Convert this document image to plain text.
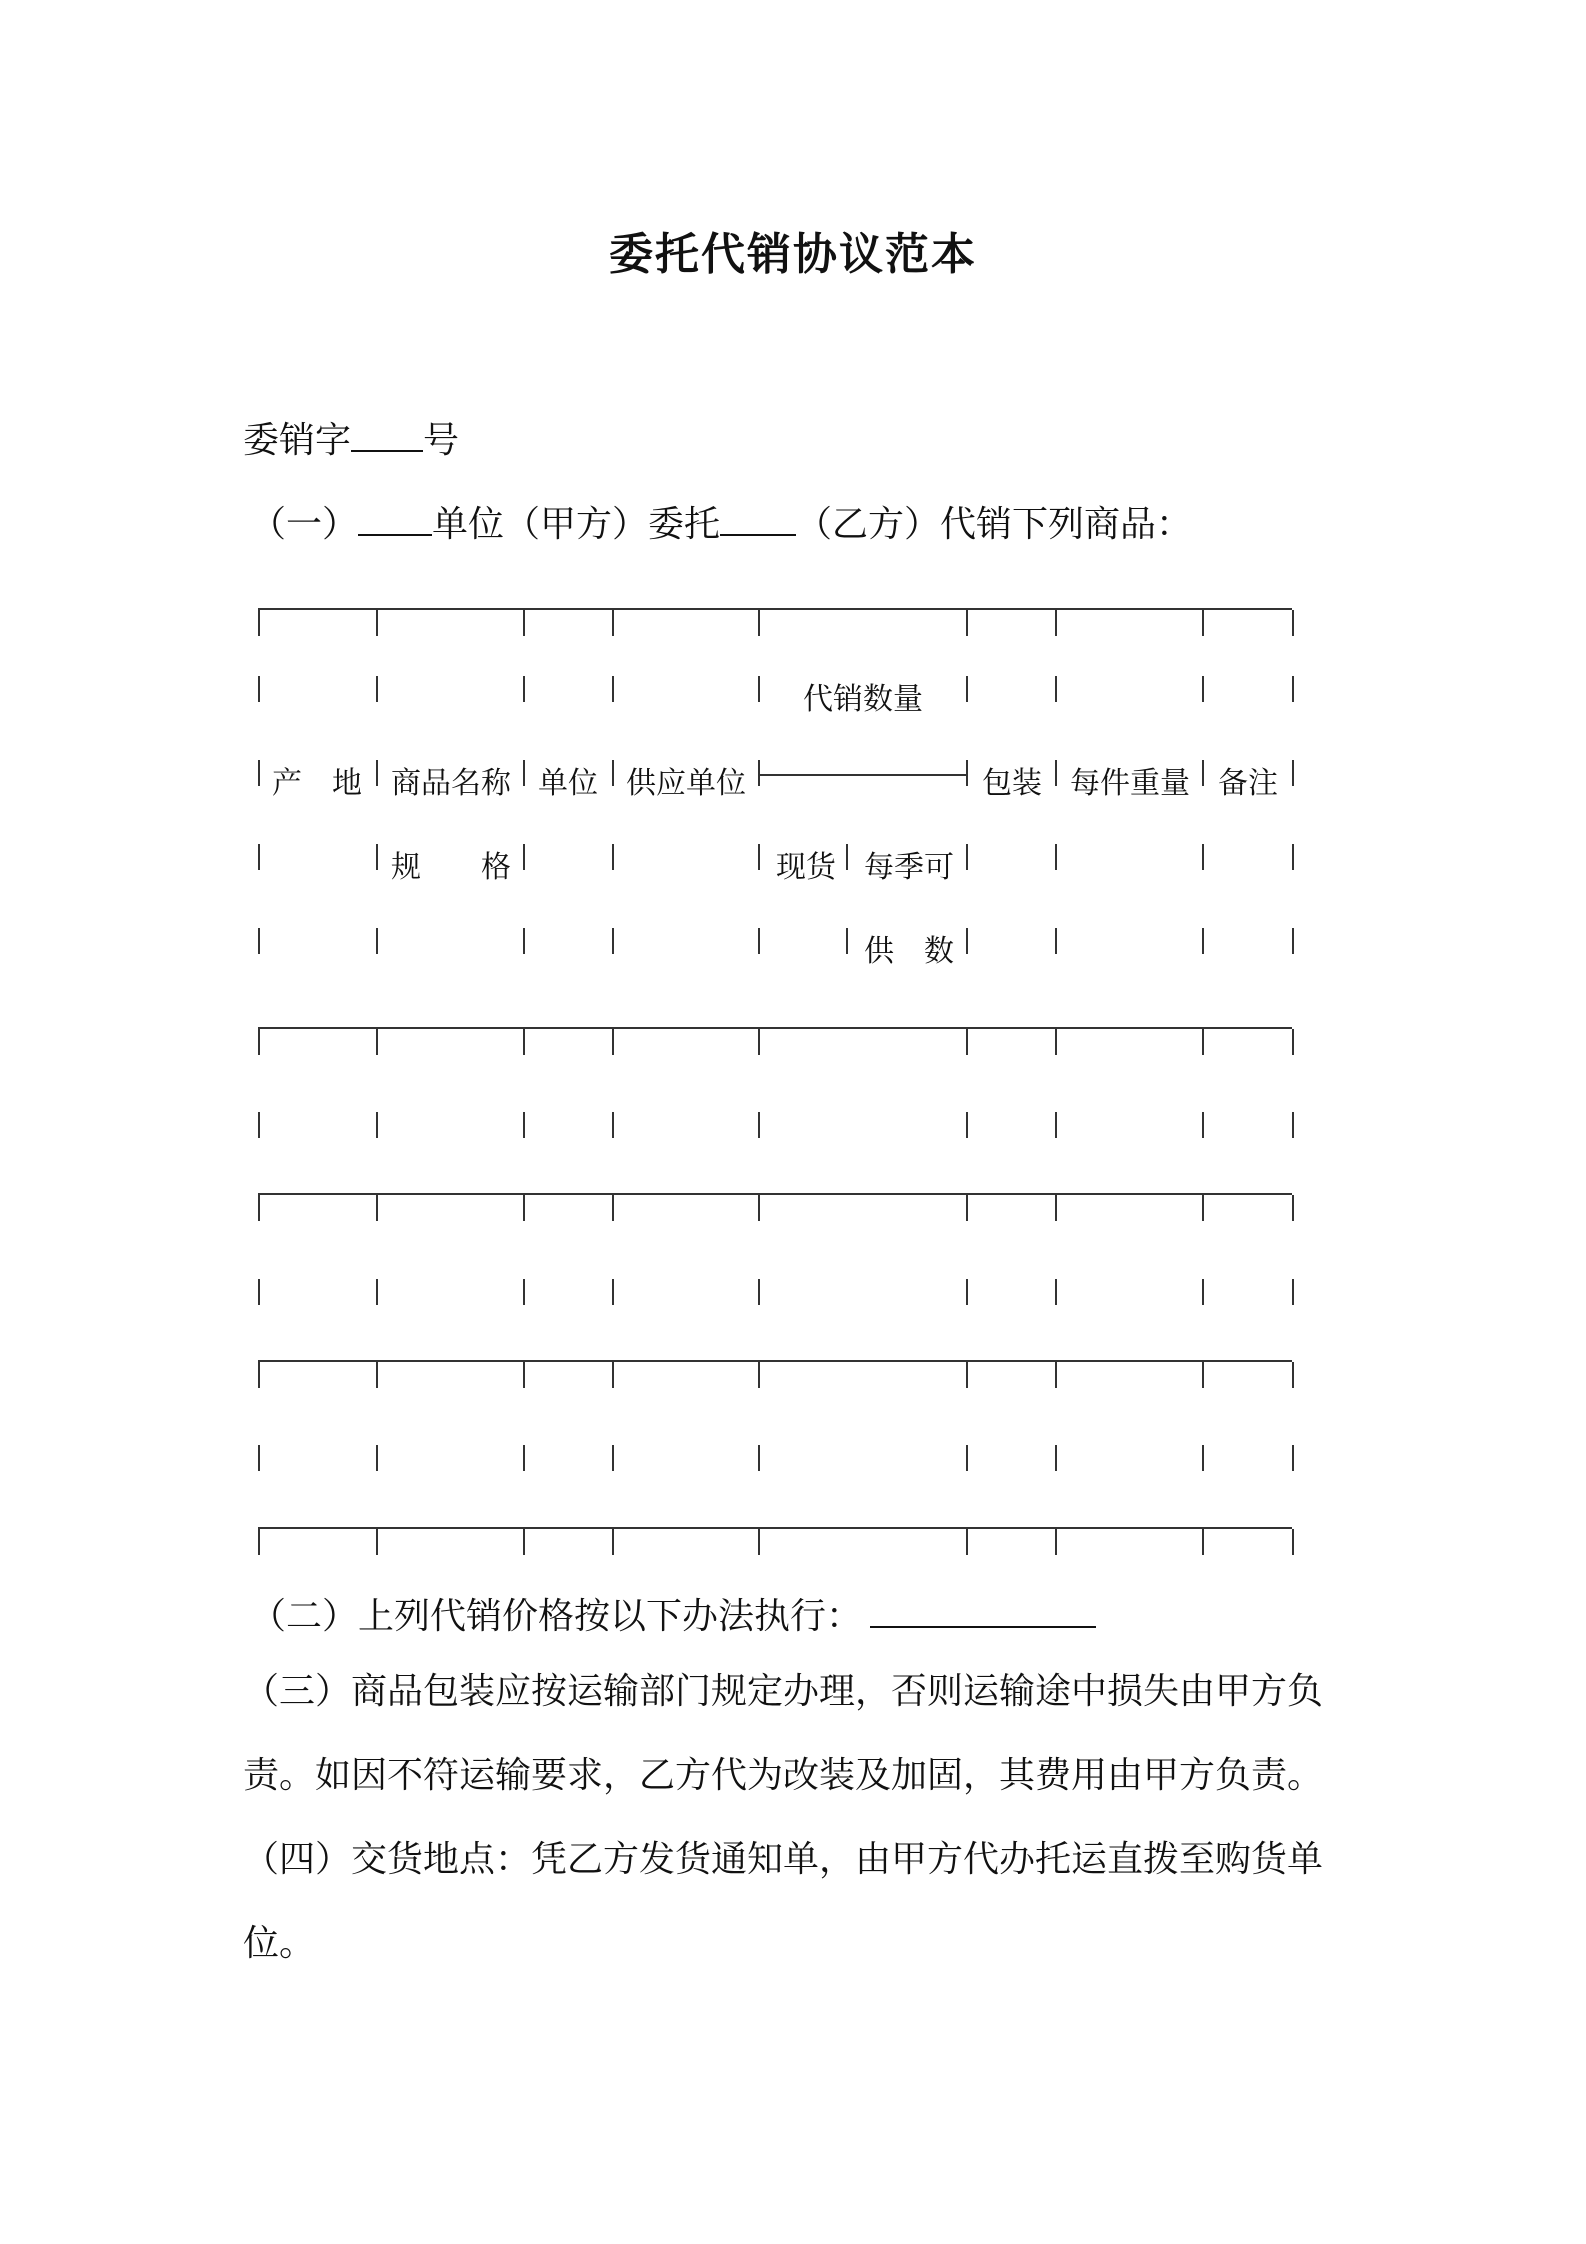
委托代销协议范本
委销字 号
（一） 单位（甲方）委托 （乙方）代销下列商品：
产　地 商品名称
规　　格
单位 供应单位
代销数量
现货 每季可
供　数
包装 每件重量 备注
（二）上列代销价格按以下办法执行：
（三）商品包装应按运输部门规定办理，否则运输途中损失由甲方负责。如因不符运输要求，乙方代为改装及加固，其费用由甲方负责。
（四）交货地点：凭乙方发货通知单，由甲方代办托运直拨至购货单位。
